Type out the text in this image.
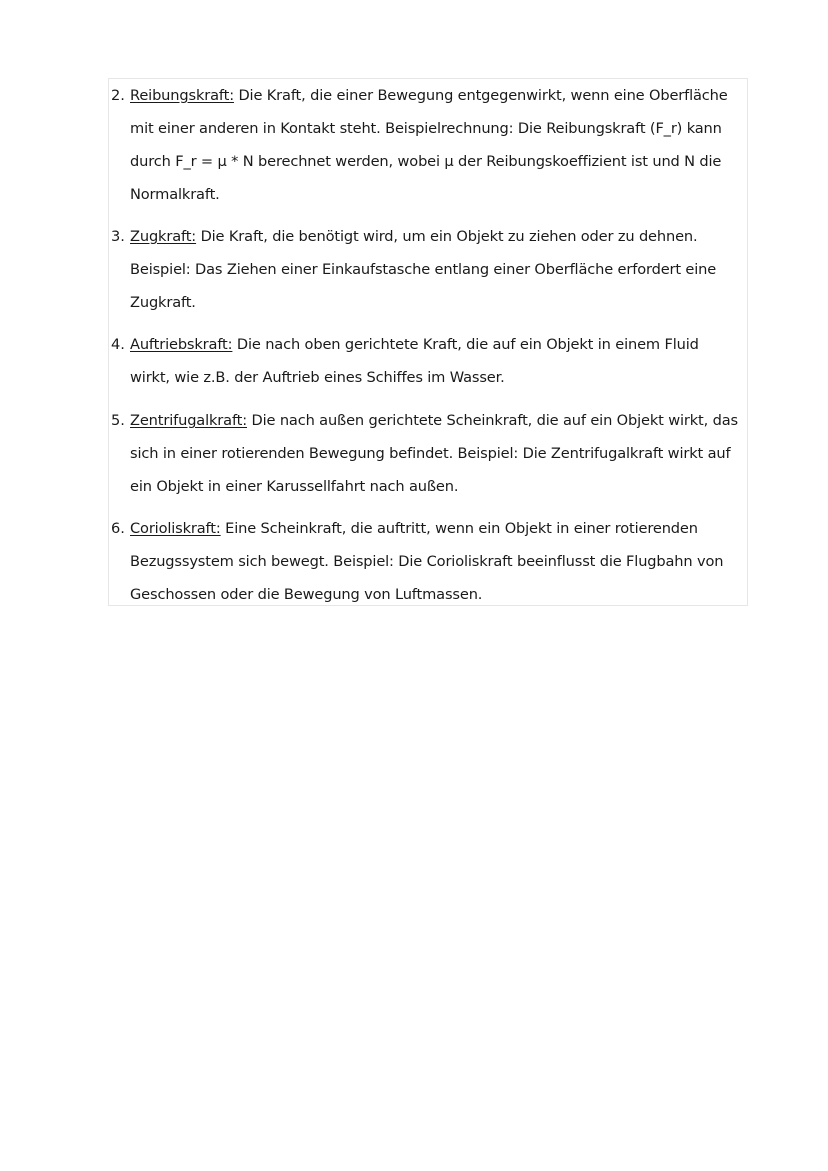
2. Reibungskraft: Die Kraft, die einer Bewegung entgegenwirkt, wenn eine Oberfläche
mit einer anderen in Kontakt steht. Beispielrechnung: Die Reibungskraft (F_r) kann
durch F_r = μ * N berechnet werden, wobei μ der Reibungskoeffizient ist und N die
Normalkraft.
3. Zugkraft: Die Kraft, die benötigt wird, um ein Objekt zu ziehen oder zu dehnen.
Beispiel: Das Ziehen einer Einkaufstasche entlang einer Oberfläche erfordert eine
Zugkraft.
4. Auftriebskraft: Die nach oben gerichtete Kraft, die auf ein Objekt in einem Fluid
wirkt, wie z.B. der Auftrieb eines Schiffes im Wasser.
5. Zentrifugalkraft: Die nach außen gerichtete Scheinkraft, die auf ein Objekt wirkt, das
sich in einer rotierenden Bewegung befindet. Beispiel: Die Zentrifugalkraft wirkt auf
ein Objekt in einer Karussellfahrt nach außen.
6. Corioliskraft: Eine Scheinkraft, die auftritt, wenn ein Objekt in einer rotierenden
Bezugssystem sich bewegt. Beispiel: Die Corioliskraft beeinflusst die Flugbahn von
Geschossen oder die Bewegung von Luftmassen.
